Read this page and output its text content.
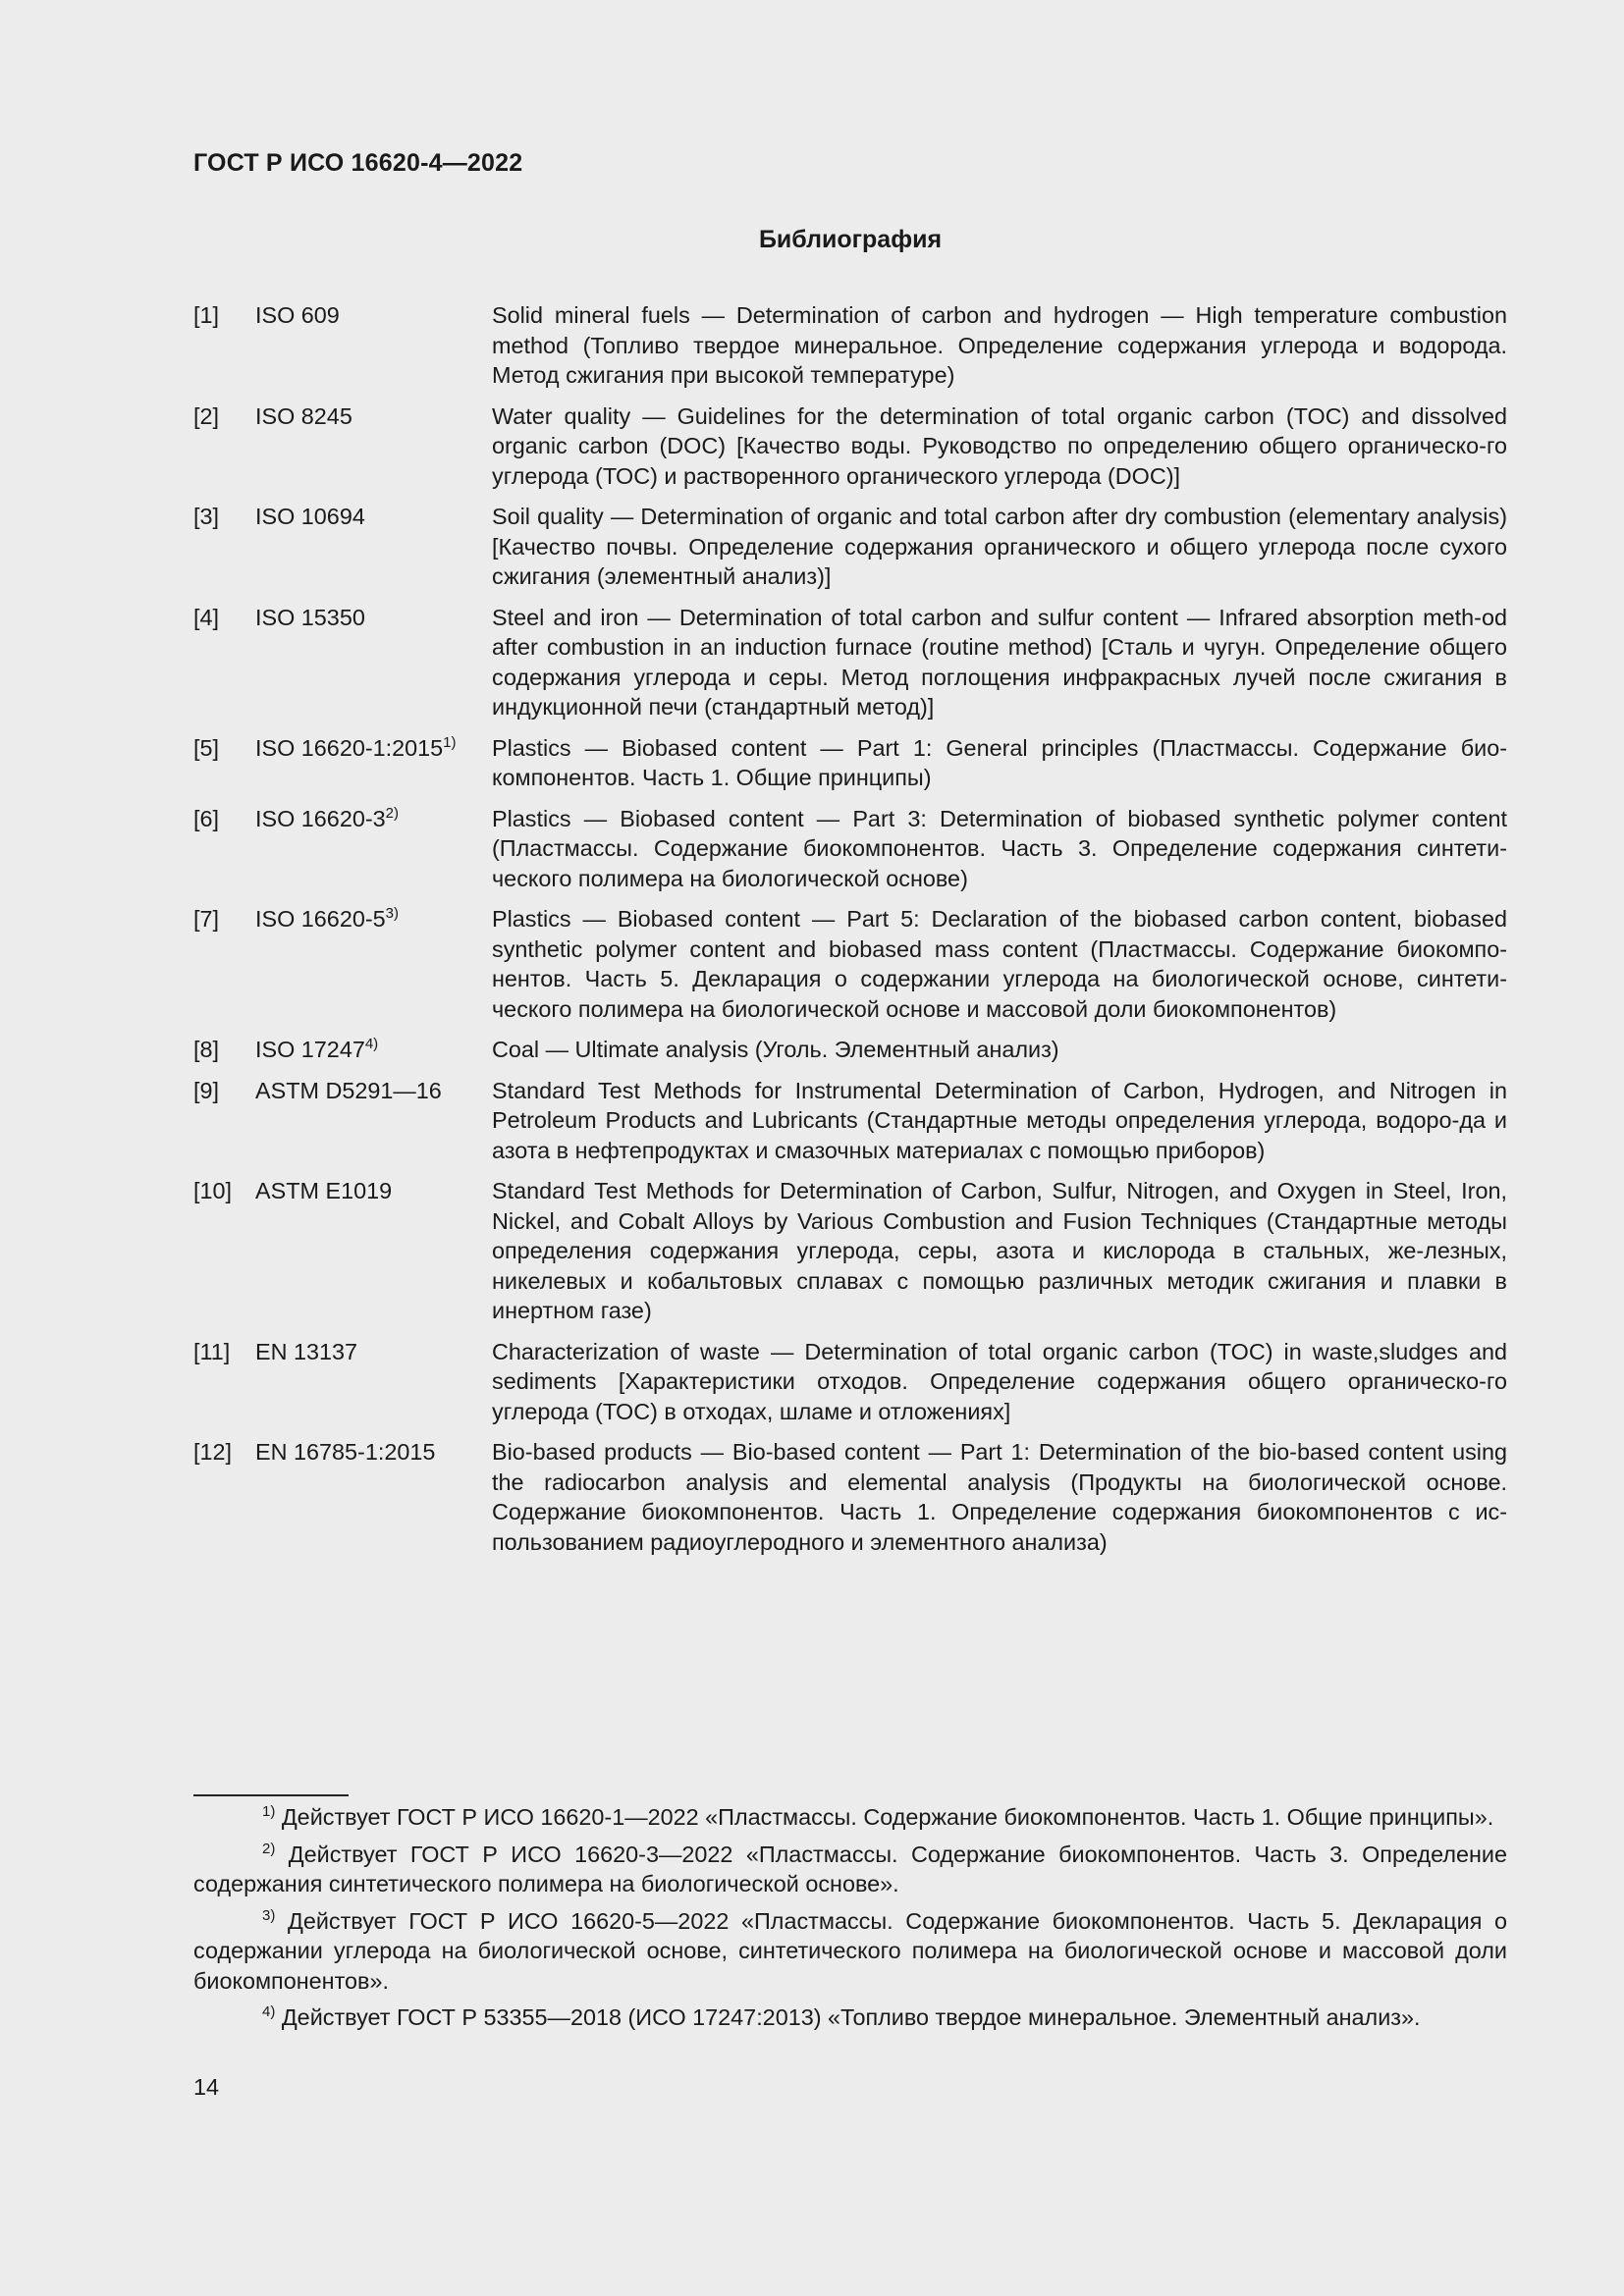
ГОСТ Р ИСО 16620-4—2022
Библиография
[1]	ISO 609	Solid mineral fuels — Determination of carbon and hydrogen — High temperature combustion method (Топливо твердое минеральное. Определение содержания углерода и водорода. Метод сжигания при высокой температуре)
[2]	ISO 8245	Water quality — Guidelines for the determination of total organic carbon (TOC) and dissolved organic carbon (DOC) [Качество воды. Руководство по определению общего органическо-го углерода (ТОС) и растворенного органического углерода (DOC)]
[3]	ISO 10694	Soil quality — Determination of organic and total carbon after dry combustion (elementary analysis) [Качество почвы. Определение содержания органического и общего углерода после сухого сжигания (элементный анализ)]
[4]	ISO 15350	Steel and iron — Determination of total carbon and sulfur content — Infrared absorption meth-od after combustion in an induction furnace (routine method) [Сталь и чугун. Определение общего содержания углерода и серы. Метод поглощения инфракрасных лучей после сжигания в индукционной печи (стандартный метод)]
[5]	ISO 16620-1:2015$^{1)}$	Plastics — Biobased content — Part 1: General principles (Пластмассы. Содержание био-компонентов. Часть 1. Общие принципы)
[6]	ISO 16620-3$^{2)}$	Plastics — Biobased content — Part 3: Determination of biobased synthetic polymer content (Пластмассы. Содержание биокомпонентов. Часть 3. Определение содержания синтети-ческого полимера на биологической основе)
[7]	ISO 16620-5$^{3)}$	Plastics — Biobased content — Part 5: Declaration of the biobased carbon content, biobased synthetic polymer content and biobased mass content (Пластмассы. Содержание биокомпо-нентов. Часть 5. Декларация о содержании углерода на биологической основе, синтети-ческого полимера на биологической основе и массовой доли биокомпонентов)
[8]	ISO 17247$^{4)}$	Coal — Ultimate analysis (Уголь. Элементный анализ)
[9]	ASTM D5291—16	Standard Test Methods for Instrumental Determination of Carbon, Hydrogen, and Nitrogen in Petroleum Products and Lubricants (Стандартные методы определения углерода, водоро-да и азота в нефтепродуктах и смазочных материалах с помощью приборов)
[10]	ASTM E1019	Standard Test Methods for Determination of Carbon, Sulfur, Nitrogen, and Oxygen in Steel, Iron, Nickel, and Cobalt Alloys by Various Combustion and Fusion Techniques (Стандартные методы определения содержания углерода, серы, азота и кислорода в стальных, же-лезных, никелевых и кобальтовых сплавах с помощью различных методик сжигания и плавки в инертном газе)
[11]	EN 13137	Characterization of waste — Determination of total organic carbon (TOC) in waste,sludges and sediments [Характеристики отходов. Определение содержания общего органическо-го углерода (ТОС) в отходах, шламе и отложениях]
[12]	EN 16785-1:2015	Bio-based products — Bio-based content — Part 1: Determination of the bio-based content using the radiocarbon analysis and elemental analysis (Продукты на биологической основе. Содержание биокомпонентов. Часть 1. Определение содержания биокомпонентов с ис-пользованием радиоуглеродного и элементного анализа)
$^{1)}$ Действует ГОСТ Р ИСО 16620-1—2022 «Пластмассы. Содержание биокомпонентов. Часть 1. Общие принципы».
$^{2)}$ Действует ГОСТ Р ИСО 16620-3—2022 «Пластмассы. Содержание биокомпонентов. Часть 3. Определение содержания синтетического полимера на биологической основе».
$^{3)}$ Действует ГОСТ Р ИСО 16620-5—2022 «Пластмассы. Содержание биокомпонентов. Часть 5. Декларация о содержании углерода на биологической основе, синтетического полимера на биологической основе и массовой доли биокомпонентов».
$^{4)}$ Действует ГОСТ Р 53355—2018 (ИСО 17247:2013) «Топливо твердое минеральное. Элементный анализ».
14
